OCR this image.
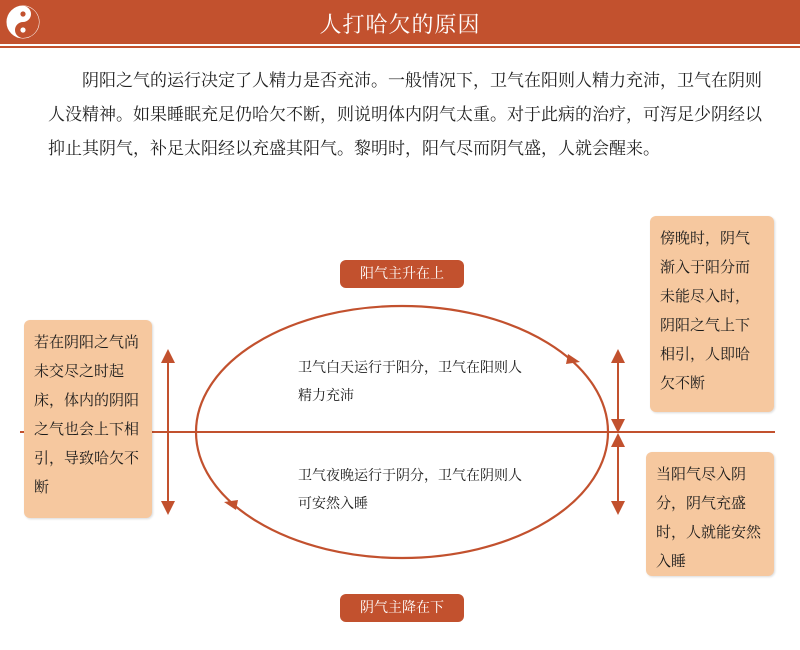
人打哈欠的原因
阴阳之气的运行决定了人精力是否充沛。一般情况下，卫气在阳则人精力充沛，卫气在阴则人没精神。如果睡眠充足仍哈欠不断，则说明体内阴气太重。对于此病的治疗，可泻足少阴经以抑止其阴气，补足太阳经以充盛其阳气。黎明时，阳气尽而阴气盛，人就会醒来。
阳气主升在上
阴气主降在下
卫气白天运行于阳分，卫气在阳则人精力充沛
卫气夜晚运行于阴分，卫气在阴则人可安然入睡
若在阴阳之气尚未交尽之时起床，体内的阴阳之气也会上下相引，导致哈欠不断
傍晚时，阴气渐入于阳分而未能尽入时，阴阳之气上下相引，人即哈欠不断
当阳气尽入阴分，阴气充盛时，人就能安然入睡
